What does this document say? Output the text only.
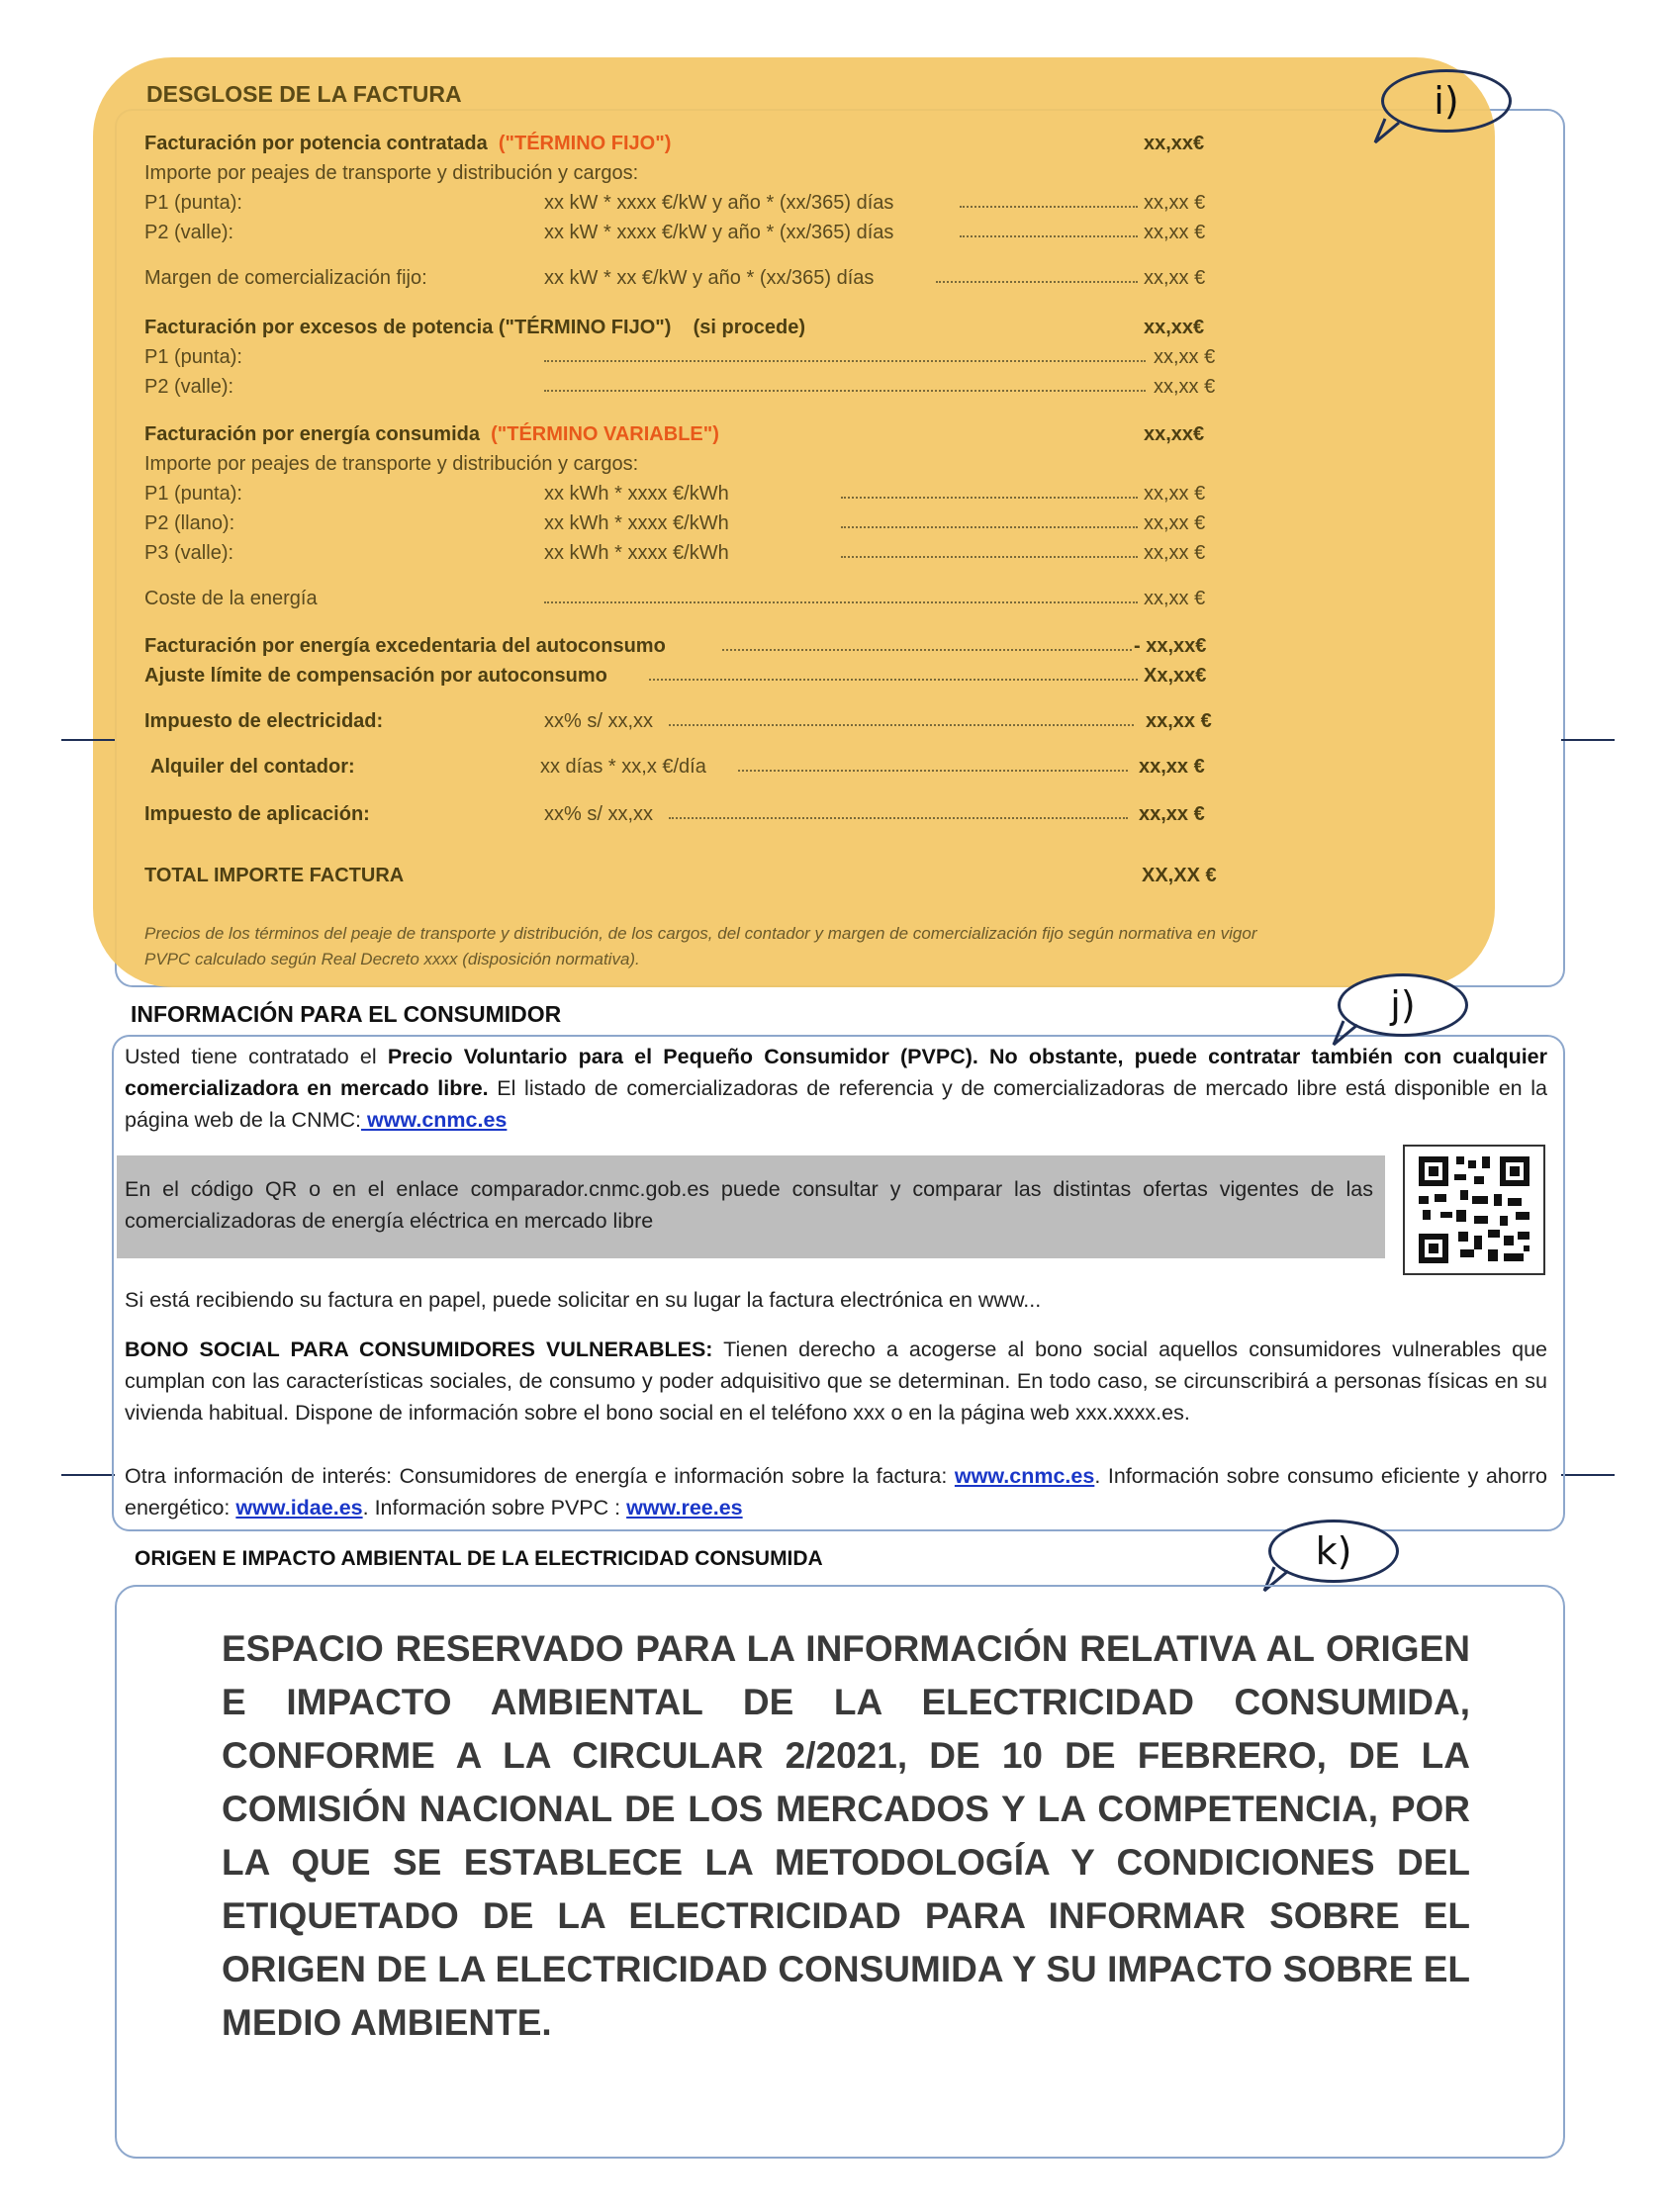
DESGLOSE DE LA FACTURA	i)
Facturación por potencia contratada ("TÉRMINO FIJO")	xx,xx€
Importe por peajes de transporte y distribución y cargos:
P1 (punta):	xx kW * xxxx €/kW y año * (xx/365) días	xx,xx €
P2 (valle):	xx kW * xxxx €/kW y año * (xx/365) días	xx,xx €
Margen de comercialización fijo:	xx kW * xx €/kW y año * (xx/365) días	xx,xx €
Facturación por excesos de potencia ("TÉRMINO FIJO") (si procede)	xx,xx€
P1 (punta):	xx,xx €
P2 (valle):	xx,xx €
Facturación por energía consumida ("TÉRMINO VARIABLE")	xx,xx€
Importe por peajes de transporte y distribución y cargos:
P1 (punta):	xx kWh * xxxx €/kWh	xx,xx €
P2 (llano):	xx kWh * xxxx €/kWh	xx,xx €
P3 (valle):	xx kWh * xxxx €/kWh	xx,xx €
Coste de la energía	xx,xx €
Facturación por energía excedentaria del autoconsumo	- xx,xx€
Ajuste límite de compensación por autoconsumo	Xx,xx€
Impuesto de electricidad:	xx% s/ xx,xx	xx,xx €
Alquiler del contador:	xx días * xx,x €/día	xx,xx €
Impuesto de aplicación:	xx% s/ xx,xx	xx,xx €
TOTAL IMPORTE FACTURA	XX,XX €
Precios de los términos del peaje de transporte y distribución, de los cargos, del contador y margen de comercialización fijo según normativa en vigor
PVPC calculado según Real Decreto xxxx (disposición normativa).
INFORMACIÓN PARA EL CONSUMIDOR	j)
Usted tiene contratado el Precio Voluntario para el Pequeño Consumidor (PVPC). No obstante, puede contratar también con cualquier comercializadora en mercado libre. El listado de comercializadoras de referencia y de comercializadoras de mercado libre está disponible en la página web de la CNMC: www.cnmc.es
En el código QR o en el enlace comparador.cnmc.gob.es puede consultar y comparar las distintas ofertas vigentes de las comercializadoras de energía eléctrica en mercado libre
Si está recibiendo su factura en papel, puede solicitar en su lugar la factura electrónica en www...
BONO SOCIAL PARA CONSUMIDORES VULNERABLES: Tienen derecho a acogerse al bono social aquellos consumidores vulnerables que cumplan con las características sociales, de consumo y poder adquisitivo que se determinan. En todo caso, se circunscribirá a personas físicas en su vivienda habitual. Dispone de información sobre el bono social en el teléfono xxx o en la página web xxx.xxxx.es.
Otra información de interés: Consumidores de energía e información sobre la factura: www.cnmc.es. Información sobre consumo eficiente y ahorro energético: www.idae.es. Información sobre PVPC : www.ree.es
ORIGEN E IMPACTO AMBIENTAL DE LA ELECTRICIDAD CONSUMIDA	k)
ESPACIO RESERVADO PARA LA INFORMACIÓN RELATIVA AL ORIGEN E IMPACTO AMBIENTAL DE LA ELECTRICIDAD CONSUMIDA, CONFORME A LA CIRCULAR 2/2021, DE 10 DE FEBRERO, DE LA COMISIÓN NACIONAL DE LOS MERCADOS Y LA COMPETENCIA, POR LA QUE SE ESTABLECE LA METODOLOGÍA Y CONDICIONES DEL ETIQUETADO DE LA ELECTRICIDAD PARA INFORMAR SOBRE EL ORIGEN DE LA ELECTRICIDAD CONSUMIDA Y SU IMPACTO SOBRE EL MEDIO AMBIENTE.
